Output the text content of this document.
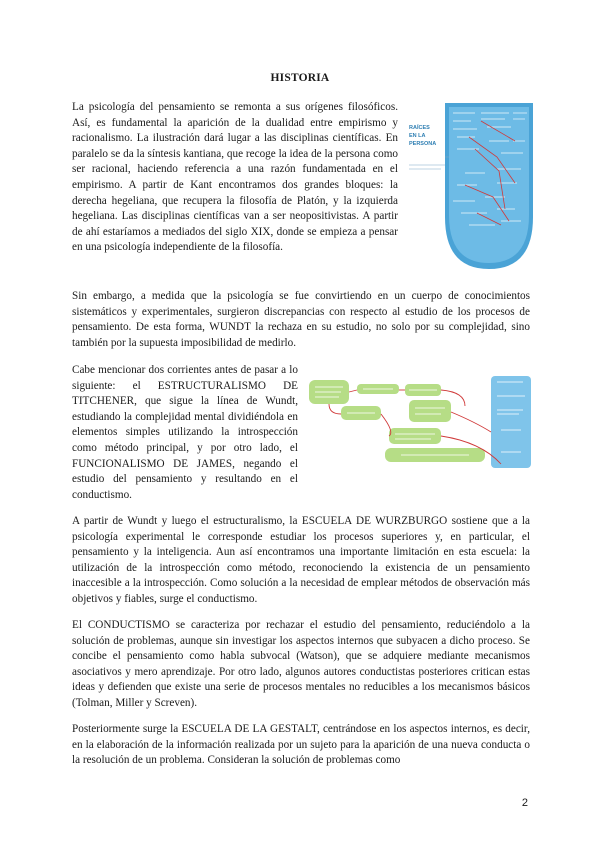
HISTORIA

La psicología del pensamiento se remonta a sus orígenes filosóficos. Así, es fundamental la aparición de la dualidad entre empirismo y racionalismo. La ilustración dará lugar a las disciplinas científicas. En paralelo se da la síntesis kantiana, que recoge la idea de la persona como ser racional, haciendo referencia a una razón fundamentada en el empirismo. A partir de Kant encontramos dos grandes bloques: la derecha hegeliana, que recupera la filosofía de Platón, y la izquierda hegeliana. Las disciplinas científicas van a ser neopositivistas. A partir de ahí estaríamos a mediados del siglo XIX, donde se empieza a pensar en una psicología independiente de la filosofía.

RAÍCES
EN LA
PERSONA

Sin embargo, a medida que la psicología se fue convirtiendo en un cuerpo de conocimientos sistemáticos y experimentales, surgieron discrepancias con respecto al estudio de los procesos de pensamiento. De esta forma, WUNDT la rechaza en su estudio, no solo por su complejidad, sino también por la supuesta imposibilidad de medirlo.

Cabe mencionar dos corrientes antes de pasar a lo siguiente: el ESTRUCTURALISMO DE TITCHENER, que sigue la línea de Wundt, estudiando la complejidad mental dividiéndola en elementos simples utilizando la introspección como método principal, y por otro lado, el FUNCIONALISMO DE JAMES, negando el estudio del pensamiento y resultando en el conductismo.

A partir de Wundt y luego el estructuralismo, la ESCUELA DE WURZBURGO sostiene que a la psicología experimental le corresponde estudiar los procesos superiores y, en particular, el pensamiento y la inteligencia. Aun así encontramos una importante limitación en esta escuela: la utilización de la introspección como método, reconociendo la existencia de un pensamiento inaccesible a la introspección. Como solución a la necesidad de emplear métodos de observación más objetivos y fiables, surge el conductismo.

El CONDUCTISMO se caracteriza por rechazar el estudio del pensamiento, reduciéndolo a la solución de problemas, aunque sin investigar los aspectos internos que subyacen a dicho proceso. Se concibe el pensamiento como habla subvocal (Watson), que se adquiere mediante mecanismos asociativos y mero aprendizaje. Por otro lado, algunos autores conductistas posteriores critican estas ideas y defienden que existe una serie de procesos mentales no reducibles a los mecanismos básicos (Tolman, Miller y Screven).

Posteriormente surge la ESCUELA DE LA GESTALT, centrándose en los aspectos internos, es decir, en la elaboración de la información realizada por un sujeto para la aparición de una nueva conducta o la resolución de un problema. Consideran la solución de problemas como

2
